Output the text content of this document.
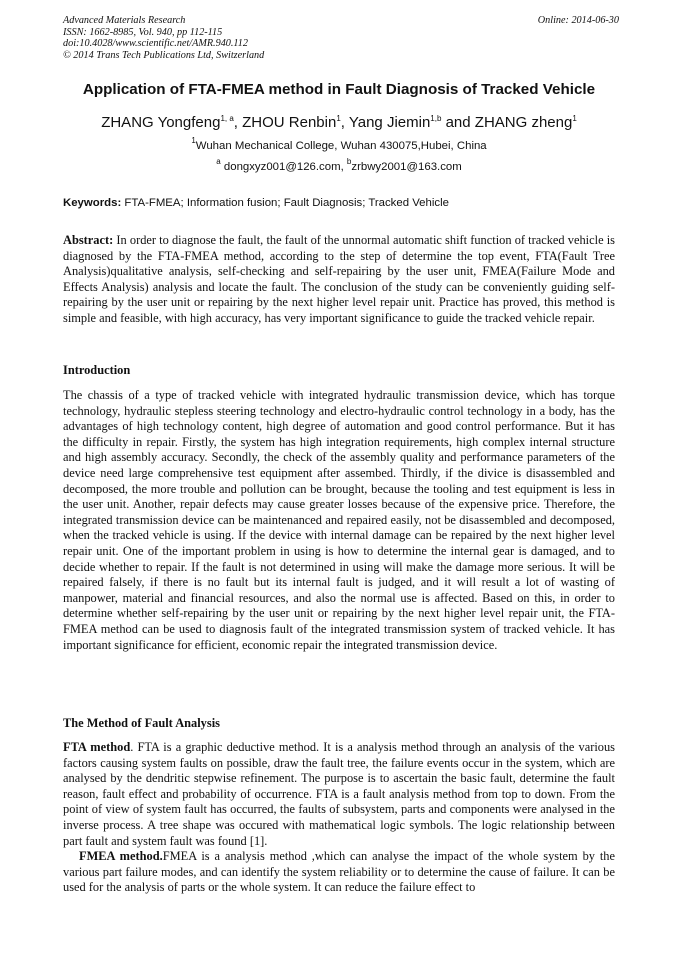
Advanced Materials Research
ISSN: 1662-8985, Vol. 940, pp 112-115
doi:10.4028/www.scientific.net/AMR.940.112
© 2014 Trans Tech Publications Ltd, Switzerland
Online: 2014-06-30
Application of FTA-FMEA method in Fault Diagnosis of Tracked Vehicle
ZHANG Yongfeng$^{1, a}$, ZHOU Renbin$^1$, Yang Jiemin$^{1,b}$ and ZHANG zheng$^1$
$^1$Wuhan Mechanical College, Wuhan 430075,Hubei, China
$^a$ dongxyz001@126.com, $^b$zrbwy2001@163.com
Keywords: FTA-FMEA; Information fusion; Fault Diagnosis; Tracked Vehicle

Abstract: In order to diagnose the fault, the fault of the unnormal automatic shift function of tracked vehicle is diagnosed by the FTA-FMEA method, according to the step of determine the top event, FTA(Fault Tree Analysis)qualitative analysis, self-checking and self-repairing by the user unit, FMEA(Failure Mode and Effects Analysis) analysis and locate the fault. The conclusion of the study can be conveniently guiding self-repairing by the user unit or repairing by the next higher level repair unit. Practice has proved, this method is simple and feasible, with high accuracy, has very important significance to guide the tracked vehicle repair.

Introduction

The chassis of a type of tracked vehicle with integrated hydraulic transmission device, which has torque technology, hydraulic stepless steering technology and electro-hydraulic control technology in a body, has the advantages of high technology content, high degree of automation and good control performance. But it has the difficulty in repair. Firstly, the system has high integration requirements, high complex internal structure and high assembly accuracy. Secondly, the check of the assembly quality and performance parameters of the device need large comprehensive test equipment after assembed. Thirdly, if the divice is disassembled and decomposed, the more trouble and pollution can be brought, because the tooling and test equipment is less in the user unit. Another, repair defects may cause greater losses because of the expensive price. Therefore, the integrated transmission device can be maintenanced and repaired easily, not be disassembled and decomposed, when the tracked vehicle is using. If the device with internal damage can be repaired by the next higher level repair unit. One of the important problem in using is how to determine the internal gear is damaged, and to decide whether to repair. If the fault is not determined in using will make the damage more serious. It will be repaired falsely, if there is no fault but its internal fault is judged, and it will result a lot of wasting of manpower, material and financial resources, and also the normal use is affected. Based on this, in order to determine whether self-repairing by the user unit or repairing by the next higher level repair unit, the FTA-FMEA method can be used to diagnosis fault of the integrated transmission system of tracked vehicle. It has important significance for efficient, economic repair the integrated transmission device.

The Method of Fault Analysis

FTA method. FTA is a graphic deductive method. It is a analysis method through an analysis of the various factors causing system faults on possible, draw the fault tree, the failure events occur in the system, which are analysed by the dendritic stepwise refinement. The purpose is to ascertain the basic fault, determine the fault reason, fault effect and probability of occurrence. FTA is a fault analysis method from top to down. From the point of view of system fault has occurred, the faults of subsystem, parts and components were analysed in the inverse process. A tree shape was occured with mathematical logic symbols. The logic relationship between part fault and system fault was found [1].

FMEA method.FMEA is a analysis method ,which can analyse the impact of the whole system by the various part failure modes, and can identify the system reliability or to determine the cause of failure. It can be used for the analysis of parts or the whole system. It can reduce the failure effect to
